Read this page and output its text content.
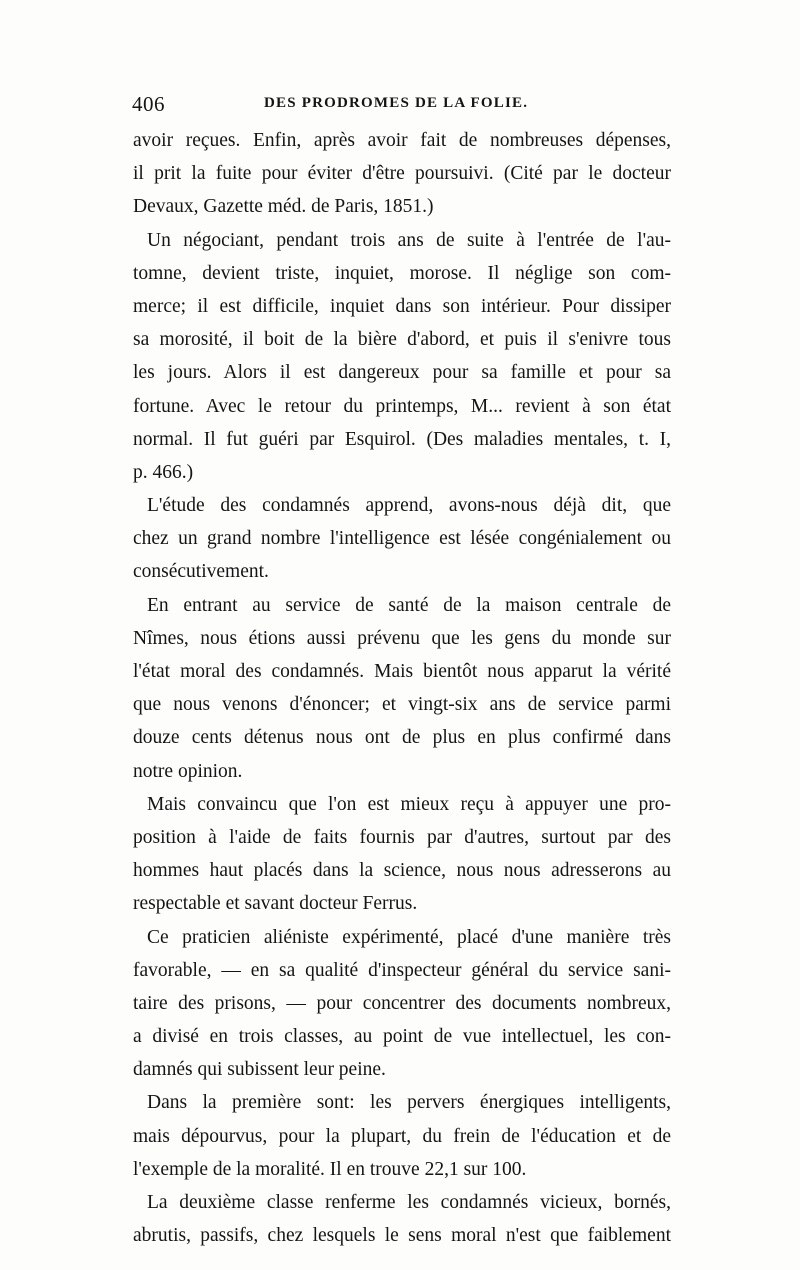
406	DES PRODROMES DE LA FOLIE.
avoir reçues. Enfin, après avoir fait de nombreuses dépenses,
il prit la fuite pour éviter d'être poursuivi. (Cité par le docteur
Devaux, Gazette méd. de Paris, 1851.)
Un négociant, pendant trois ans de suite à l'entrée de l'au-
tomne, devient triste, inquiet, morose. Il néglige son com-
merce; il est difficile, inquiet dans son intérieur. Pour dissiper
sa morosité, il boit de la bière d'abord, et puis il s'enivre tous
les jours. Alors il est dangereux pour sa famille et pour sa
fortune. Avec le retour du printemps, M... revient à son état
normal. Il fut guéri par Esquirol. (Des maladies mentales, t. I,
p. 466.)
L'étude des condamnés apprend, avons-nous déjà dit, que
chez un grand nombre l'intelligence est lésée congénialement ou
consécutivement.
En entrant au service de santé de la maison centrale de
Nîmes, nous étions aussi prévenu que les gens du monde sur
l'état moral des condamnés. Mais bientôt nous apparut la vérité
que nous venons d'énoncer; et vingt-six ans de service parmi
douze cents détenus nous ont de plus en plus confirmé dans
notre opinion.
Mais convaincu que l'on est mieux reçu à appuyer une pro-
position à l'aide de faits fournis par d'autres, surtout par des
hommes haut placés dans la science, nous nous adresserons au
respectable et savant docteur Ferrus.
Ce praticien aliéniste expérimenté, placé d'une manière très
favorable, — en sa qualité d'inspecteur général du service sani-
taire des prisons, — pour concentrer des documents nombreux,
a divisé en trois classes, au point de vue intellectuel, les con-
damnés qui subissent leur peine.
Dans la première sont: les pervers énergiques intelligents,
mais dépourvus, pour la plupart, du frein de l'éducation et de
l'exemple de la moralité. Il en trouve 22,1 sur 100.
La deuxième classe renferme les condamnés vicieux, bornés,
abrutis, passifs, chez lesquels le sens moral n'est que faiblement
